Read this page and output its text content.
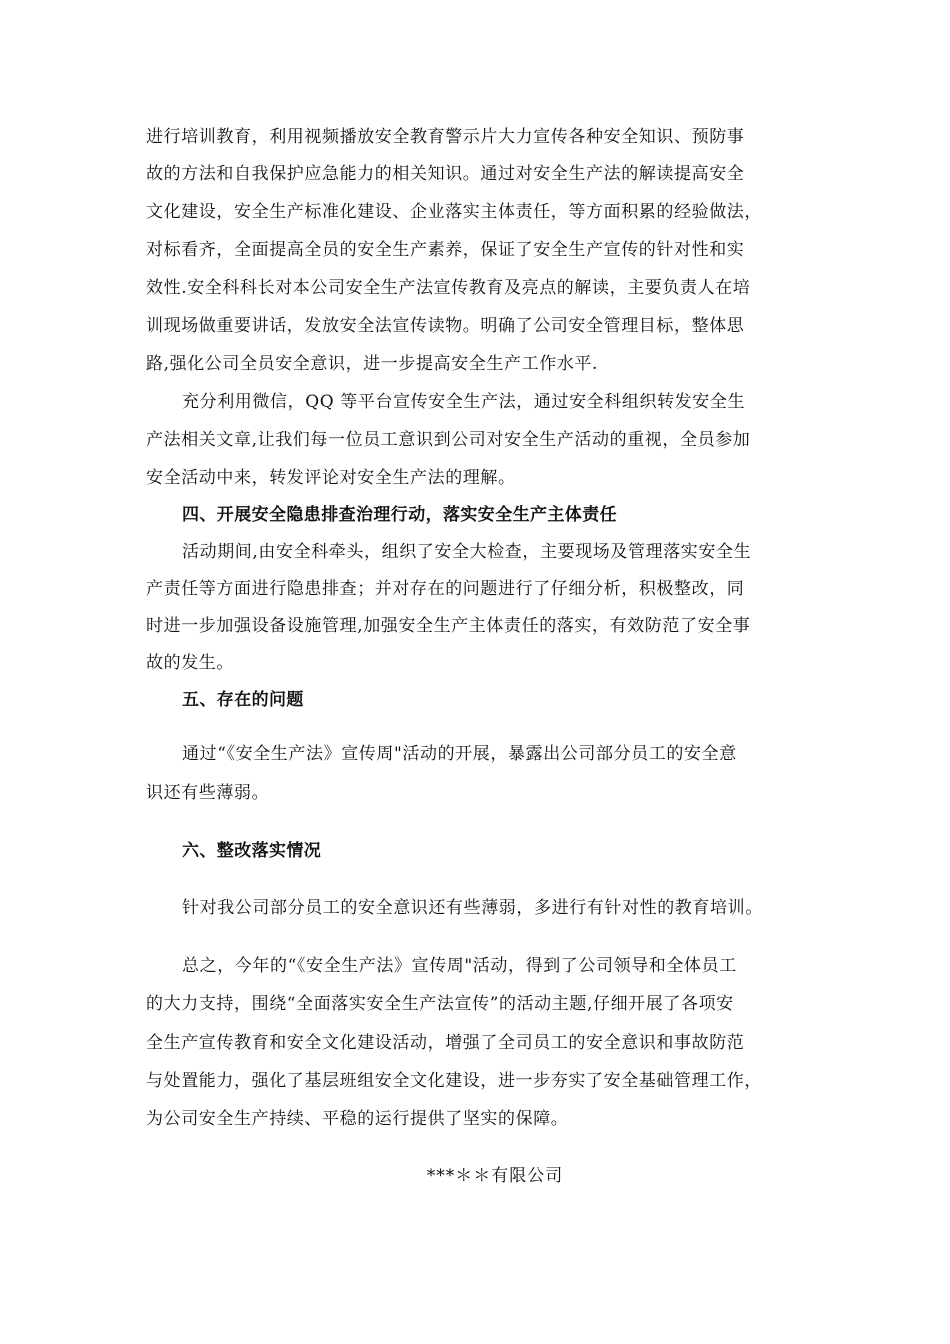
进行培训教育，利用视频播放安全教育警示片大力宣传各种安全知识、预防事
故的方法和自我保护应急能力的相关知识。通过对安全生产法的解读提高安全
文化建设，安全生产标准化建设、企业落实主体责任，等方面积累的经验做法，
对标看齐，全面提高全员的安全生产素养，保证了安全生产宣传的针对性和实
效性.安全科科长对本公司安全生产法宣传教育及亮点的解读，主要负责人在培
训现场做重要讲话，发放安全法宣传读物。明确了公司安全管理目标，整体思
路,强化公司全员安全意识，进一步提高安全生产工作水平.
充分利用微信，QQ 等平台宣传安全生产法，通过安全科组织转发安全生
产法相关文章,让我们每一位员工意识到公司对安全生产活动的重视，全员参加
安全活动中来，转发评论对安全生产法的理解。
四、开展安全隐患排查治理行动，落实安全生产主体责任
活动期间,由安全科牵头，组织了安全大检查，主要现场及管理落实安全生
产责任等方面进行隐患排查；并对存在的问题进行了仔细分析，积极整改，同
时进一步加强设备设施管理,加强安全生产主体责任的落实，有效防范了安全事
故的发生。
五、存在的问题
通过“《安全生产法》宣传周"活动的开展，暴露出公司部分员工的安全意
识还有些薄弱。
六、整改落实情况
针对我公司部分员工的安全意识还有些薄弱，多进行有针对性的教育培训。
总之，今年的“《安全生产法》宣传周"活动，得到了公司领导和全体员工
的大力支持，围绕“全面落实安全生产法宣传”的活动主题,仔细开展了各项安
全生产宣传教育和安全文化建设活动，增强了全司员工的安全意识和事故防范
与处置能力，强化了基层班组安全文化建设，进一步夯实了安全基础管理工作，
为公司安全生产持续、平稳的运行提供了坚实的保障。
***＊＊有限公司
